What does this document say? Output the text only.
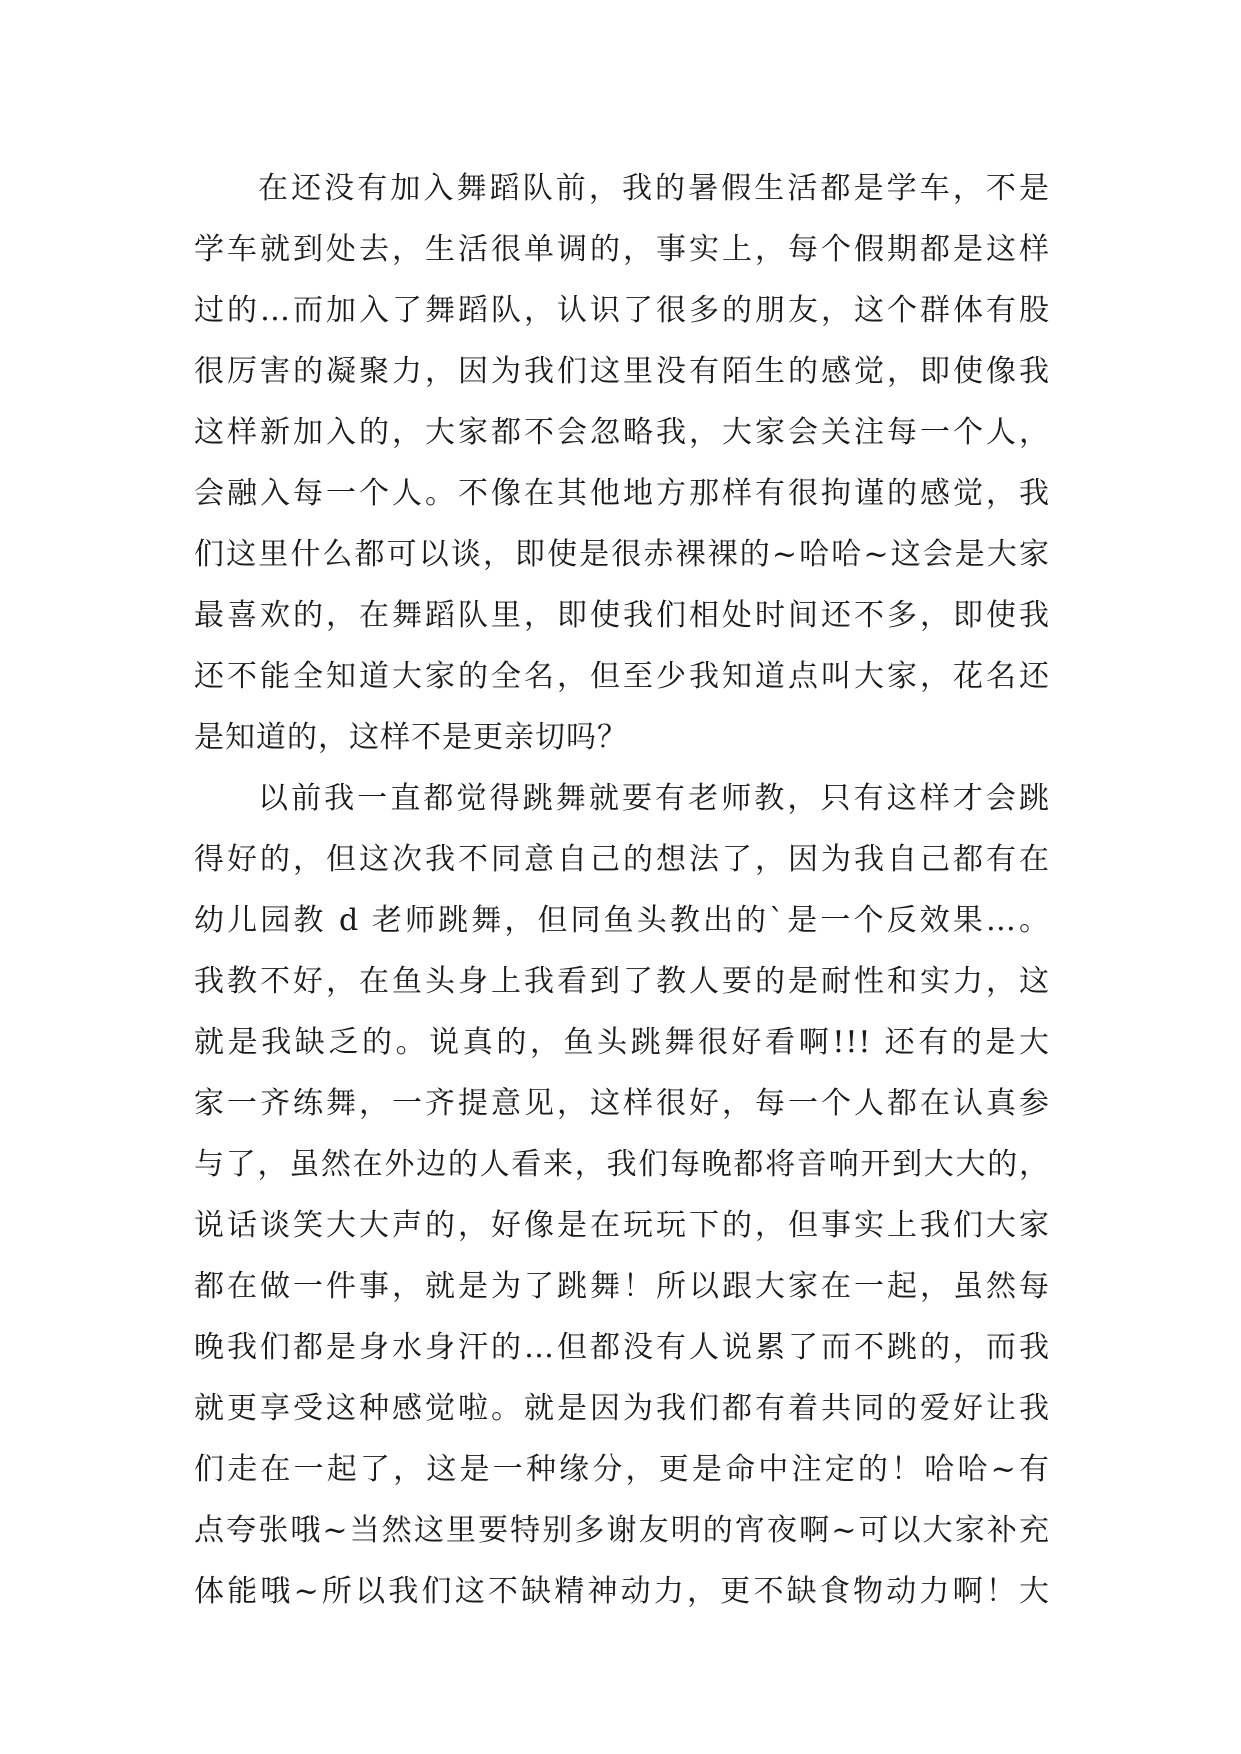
在还没有加入舞蹈队前，我的暑假生活都是学车，不是
学车就到处去，生活很单调的，事实上，每个假期都是这样
过的…而加入了舞蹈队，认识了很多的朋友，这个群体有股
很厉害的凝聚力，因为我们这里没有陌生的感觉，即使像我
这样新加入的，大家都不会忽略我，大家会关注每一个人，
会融入每一个人。不像在其他地方那样有很拘谨的感觉，我
们这里什么都可以谈，即使是很赤裸裸的~哈哈~这会是大家
最喜欢的，在舞蹈队里，即使我们相处时间还不多，即使我
还不能全知道大家的全名，但至少我知道点叫大家，花名还
是知道的，这样不是更亲切吗？
以前我一直都觉得跳舞就要有老师教，只有这样才会跳
得好的，但这次我不同意自己的想法了，因为我自己都有在
幼儿园教 d 老师跳舞，但同鱼头教出的`是一个反效果…。
我教不好，在鱼头身上我看到了教人要的是耐性和实力，这
就是我缺乏的。说真的，鱼头跳舞很好看啊!!! 还有的是大
家一齐练舞，一齐提意见，这样很好，每一个人都在认真参
与了，虽然在外边的人看来，我们每晚都将音响开到大大的，
说话谈笑大大声的，好像是在玩玩下的，但事实上我们大家
都在做一件事，就是为了跳舞！所以跟大家在一起，虽然每
晚我们都是身水身汗的…但都没有人说累了而不跳的，而我
就更享受这种感觉啦。就是因为我们都有着共同的爱好让我
们走在一起了，这是一种缘分，更是命中注定的！哈哈~有
点夸张哦~当然这里要特别多谢友明的宵夜啊~可以大家补充
体能哦~所以我们这不缺精神动力，更不缺食物动力啊！大
